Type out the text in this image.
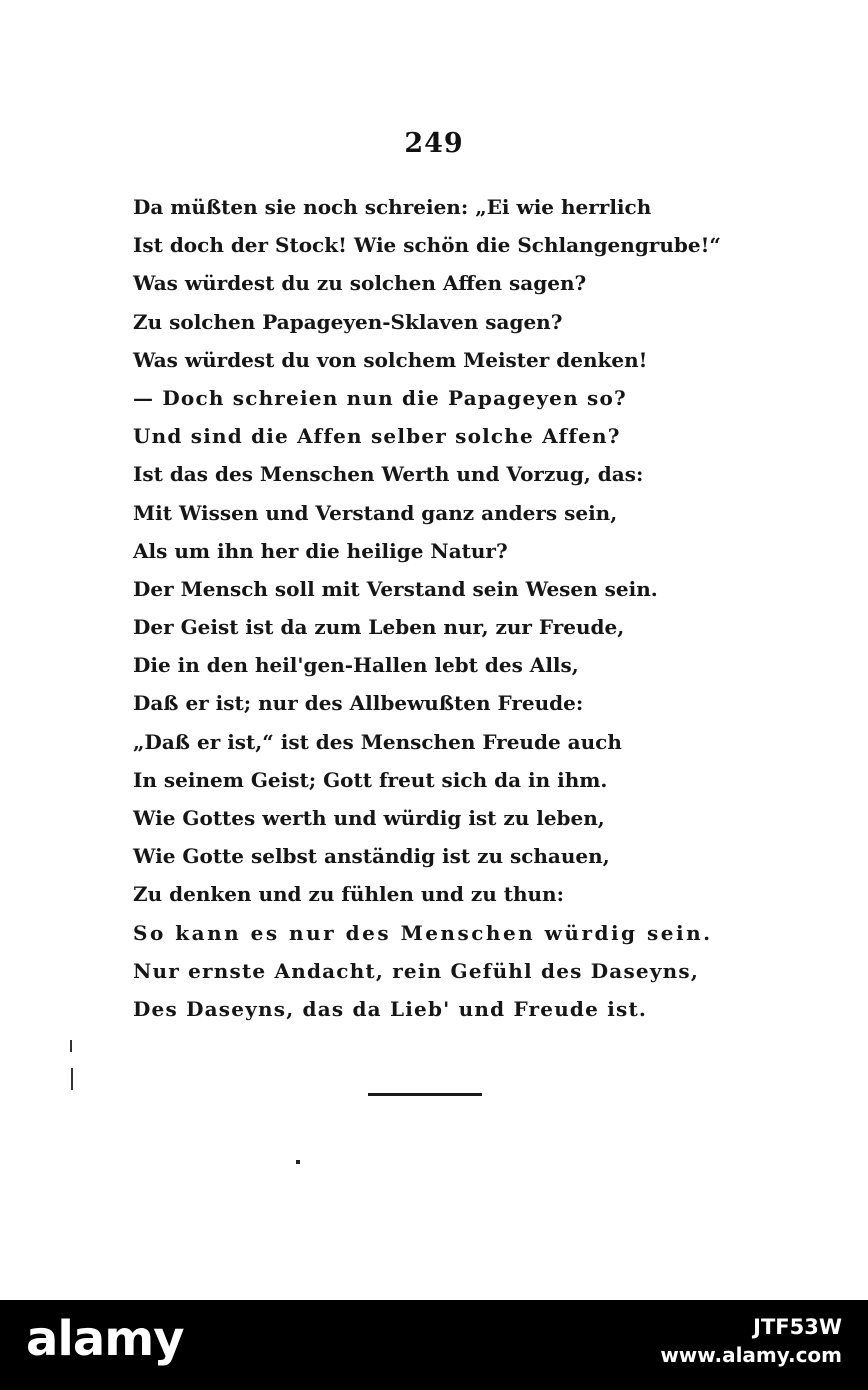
249
Da müßten sie noch schreien: „Ei wie herrlich
Ist doch der Stock! Wie schön die Schlangengrube!“
Was würdest du zu solchen Affen sagen?
Zu solchen Papageyen-Sklaven sagen?
Was würdest du von solchem Meister denken!
— Doch schreien nun die Papageyen so?
Und sind die Affen selber solche Affen?
Ist das des Menschen Werth und Vorzug, das:
Mit Wissen und Verstand ganz anders sein,
Als um ihn her die heilige Natur?
Der Mensch soll mit Verstand sein Wesen sein.
Der Geist ist da zum Leben nur, zur Freude,
Die in den heil'gen-Hallen lebt des Alls,
Daß er ist; nur des Allbewußten Freude:
„Daß er ist,“ ist des Menschen Freude auch
In seinem Geist; Gott freut sich da in ihm.
Wie Gottes werth und würdig ist zu leben,
Wie Gotte selbst anständig ist zu schauen,
Zu denken und zu fühlen und zu thun:
So kann es nur des Menschen würdig sein.
Nur ernste Andacht, rein Gefühl des Daseyns,
Des Daseyns, das da Lieb' und Freude ist.
alamy	JTF53W
www.alamy.com
